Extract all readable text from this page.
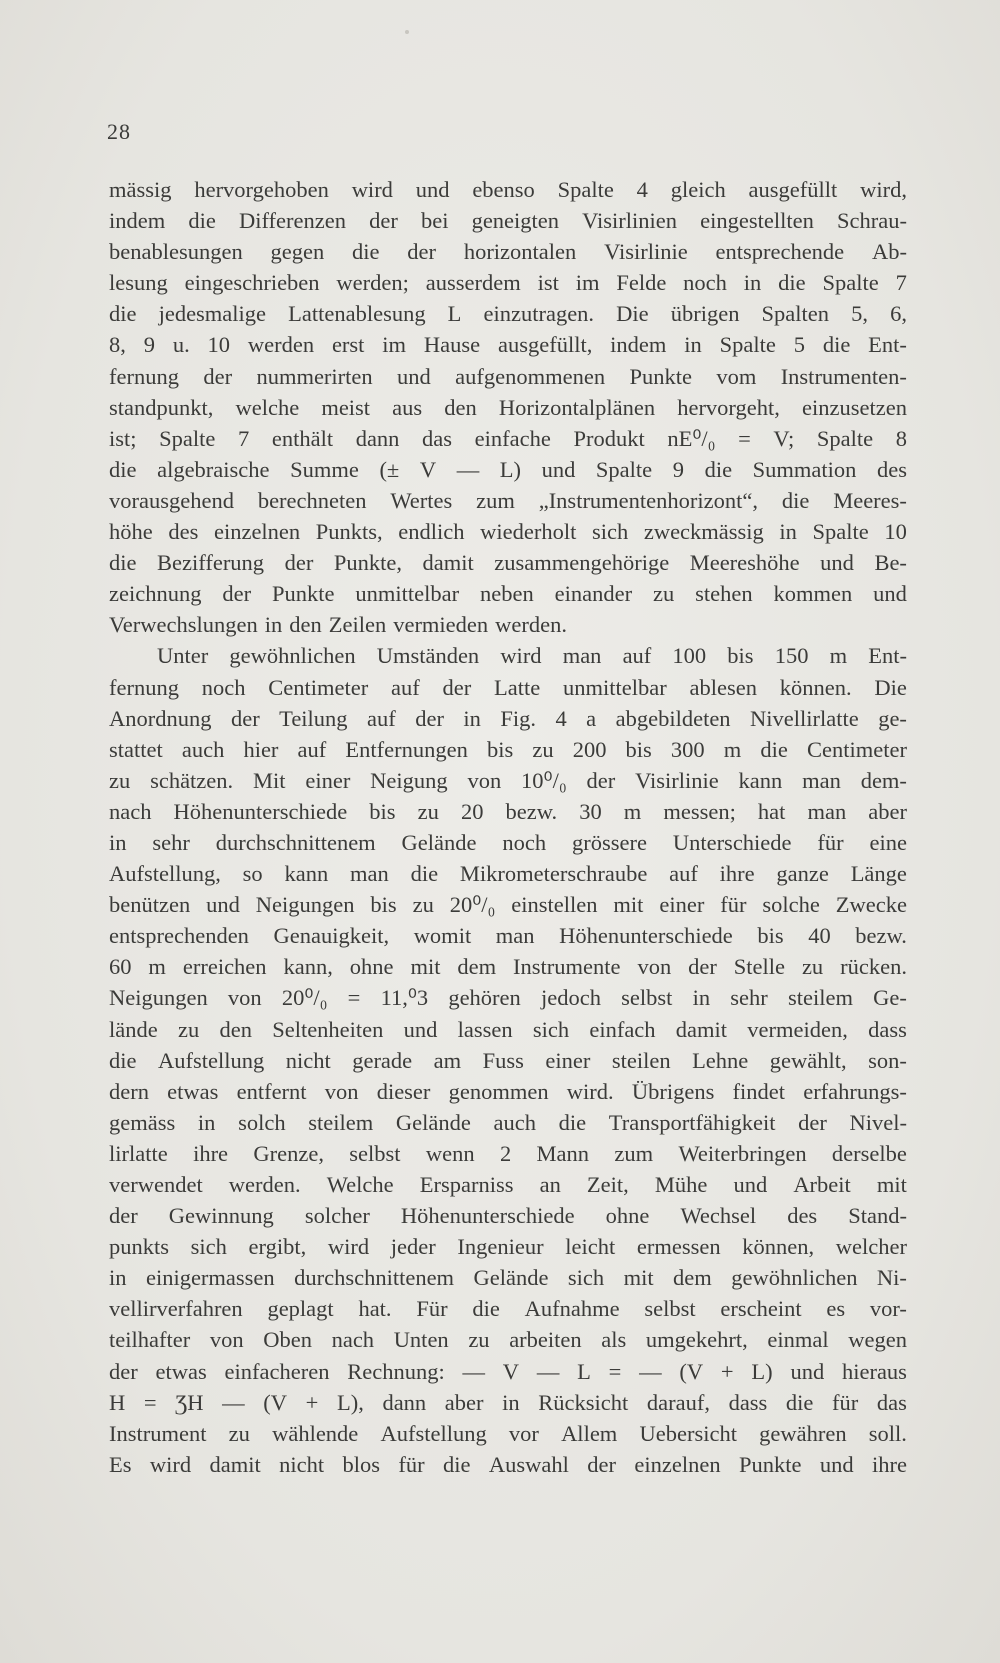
28
mässig hervorgehoben wird und ebenso Spalte 4 gleich ausgefüllt wird,
indem die Differenzen der bei geneigten Visirlinien eingestellten Schrau-
benablesungen gegen die der horizontalen Visirlinie entsprechende Ab-
lesung eingeschrieben werden; ausserdem ist im Felde noch in die Spalte 7
die jedesmalige Lattenablesung L einzutragen. Die übrigen Spalten 5, 6,
8, 9 u. 10 werden erst im Hause ausgefüllt, indem in Spalte 5 die Ent-
fernung der nummerirten und aufgenommenen Punkte vom Instrumenten-
standpunkt, welche meist aus den Horizontalplänen hervorgeht, einzusetzen
ist; Spalte 7 enthält dann das einfache Produkt nE⁰/₀ = V; Spalte 8
die algebraische Summe (± V — L) und Spalte 9 die Summation des
vorausgehend berechneten Wertes zum „Instrumentenhorizont“, die Meeres-
höhe des einzelnen Punkts, endlich wiederholt sich zweckmässig in Spalte 10
die Bezifferung der Punkte, damit zusammengehörige Meereshöhe und Be-
zeichnung der Punkte unmittelbar neben einander zu stehen kommen und
Verwechslungen in den Zeilen vermieden werden.
Unter gewöhnlichen Umständen wird man auf 100 bis 150 m Ent-
fernung noch Centimeter auf der Latte unmittelbar ablesen können. Die
Anordnung der Teilung auf der in Fig. 4 a abgebildeten Nivellirlatte ge-
stattet auch hier auf Entfernungen bis zu 200 bis 300 m die Centimeter
zu schätzen. Mit einer Neigung von 10⁰/₀ der Visirlinie kann man dem-
nach Höhenunterschiede bis zu 20 bezw. 30 m messen; hat man aber
in sehr durchschnittenem Gelände noch grössere Unterschiede für eine
Aufstellung, so kann man die Mikrometerschraube auf ihre ganze Länge
benützen und Neigungen bis zu 20⁰/₀ einstellen mit einer für solche Zwecke
entsprechenden Genauigkeit, womit man Höhenunterschiede bis 40 bezw.
60 m erreichen kann, ohne mit dem Instrumente von der Stelle zu rücken.
Neigungen von 20⁰/₀ = 11,⁰3 gehören jedoch selbst in sehr steilem Ge-
lände zu den Seltenheiten und lassen sich einfach damit vermeiden, dass
die Aufstellung nicht gerade am Fuss einer steilen Lehne gewählt, son-
dern etwas entfernt von dieser genommen wird. Übrigens findet erfahrungs-
gemäss in solch steilem Gelände auch die Transportfähigkeit der Nivel-
lirlatte ihre Grenze, selbst wenn 2 Mann zum Weiterbringen derselbe
verwendet werden. Welche Ersparniss an Zeit, Mühe und Arbeit mit
der Gewinnung solcher Höhenunterschiede ohne Wechsel des Stand-
punkts sich ergibt, wird jeder Ingenieur leicht ermessen können, welcher
in einigermassen durchschnittenem Gelände sich mit dem gewöhnlichen Ni-
vellirverfahren geplagt hat. Für die Aufnahme selbst erscheint es vor-
teilhafter von Oben nach Unten zu arbeiten als umgekehrt, einmal wegen
der etwas einfacheren Rechnung: — V — L = — (V + L) und hieraus
H = ƷH — (V + L), dann aber in Rücksicht darauf, dass die für das
Instrument zu wählende Aufstellung vor Allem Uebersicht gewähren soll.
Es wird damit nicht blos für die Auswahl der einzelnen Punkte und ihre
